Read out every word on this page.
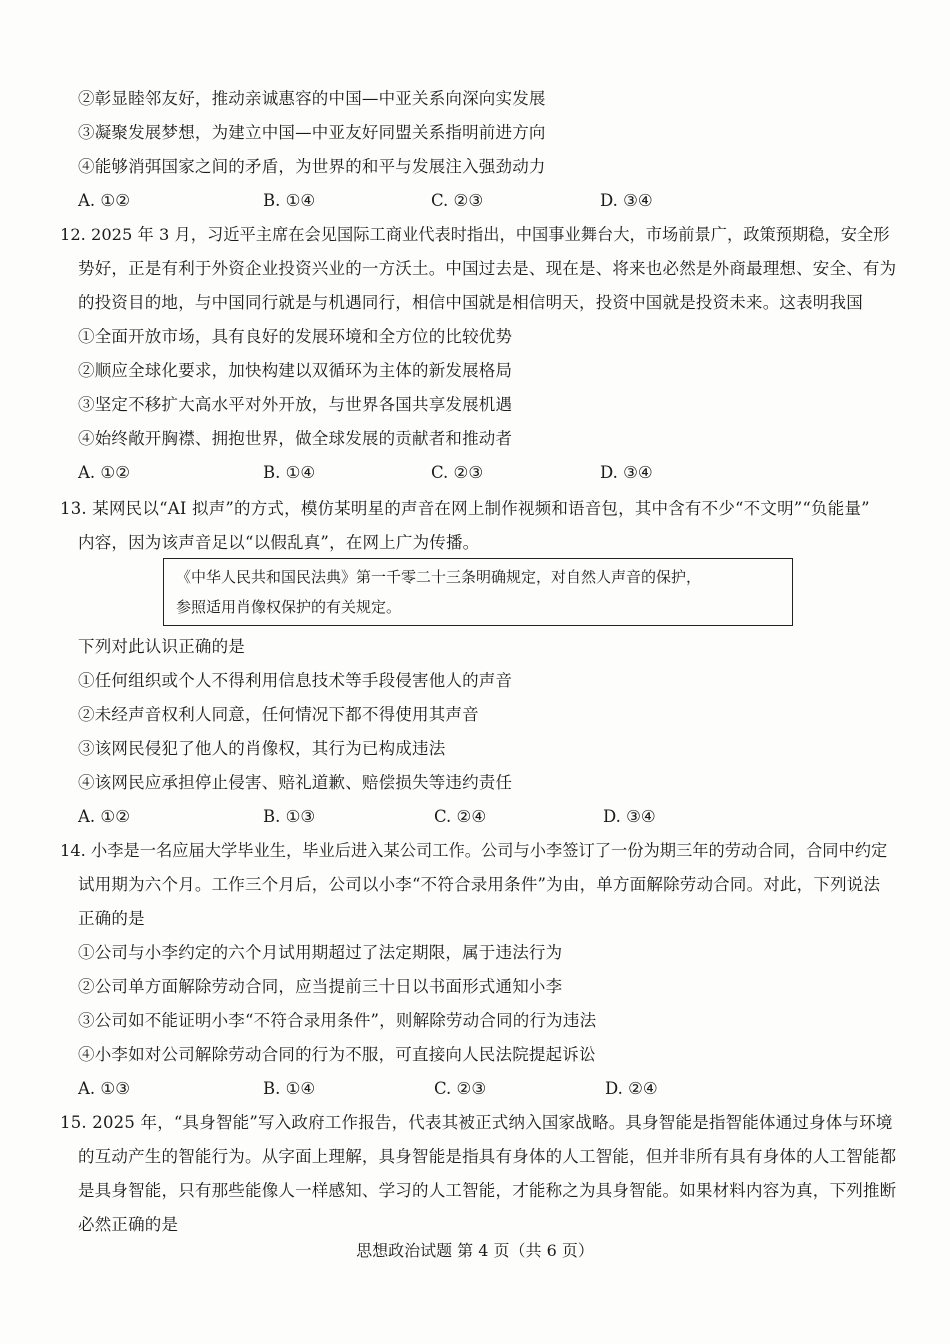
②彰显睦邻友好，推动亲诚惠容的中国—中亚关系向深向实发展
③凝聚发展梦想，为建立中国—中亚友好同盟关系指明前进方向
④能够消弭国家之间的矛盾，为世界的和平与发展注入强劲动力
A. ①②	B. ①④	C. ②③	D. ③④
12. 2025 年 3 月，习近平主席在会见国际工商业代表时指出，中国事业舞台大，市场前景广，政策预期稳，安全形
势好，正是有利于外资企业投资兴业的一方沃土。中国过去是、现在是、将来也必然是外商最理想、安全、有为
的投资目的地，与中国同行就是与机遇同行，相信中国就是相信明天，投资中国就是投资未来。这表明我国
①全面开放市场，具有良好的发展环境和全方位的比较优势
②顺应全球化要求，加快构建以双循环为主体的新发展格局
③坚定不移扩大高水平对外开放，与世界各国共享发展机遇
④始终敞开胸襟、拥抱世界，做全球发展的贡献者和推动者
A. ①②	B. ①④	C. ②③	D. ③④
13. 某网民以“AI 拟声”的方式，模仿某明星的声音在网上制作视频和语音包，其中含有不少“不文明”“负能量”
内容，因为该声音足以“以假乱真”，在网上广为传播。
《中华人民共和国民法典》第一千零二十三条明确规定，对自然人声音的保护，
参照适用肖像权保护的有关规定。
下列对此认识正确的是
①任何组织或个人不得利用信息技术等手段侵害他人的声音
②未经声音权利人同意，任何情况下都不得使用其声音
③该网民侵犯了他人的肖像权，其行为已构成违法
④该网民应承担停止侵害、赔礼道歉、赔偿损失等违约责任
A. ①②	B. ①③	C. ②④	D. ③④
14. 小李是一名应届大学毕业生，毕业后进入某公司工作。公司与小李签订了一份为期三年的劳动合同，合同中约定
试用期为六个月。工作三个月后，公司以小李“不符合录用条件”为由，单方面解除劳动合同。对此，下列说法
正确的是
①公司与小李约定的六个月试用期超过了法定期限，属于违法行为
②公司单方面解除劳动合同，应当提前三十日以书面形式通知小李
③公司如不能证明小李“不符合录用条件”，则解除劳动合同的行为违法
④小李如对公司解除劳动合同的行为不服，可直接向人民法院提起诉讼
A. ①③	B. ①④	C. ②③	D. ②④
15. 2025 年，“具身智能”写入政府工作报告，代表其被正式纳入国家战略。具身智能是指智能体通过身体与环境
的互动产生的智能行为。从字面上理解，具身智能是指具有身体的人工智能，但并非所有具有身体的人工智能都
是具身智能，只有那些能像人一样感知、学习的人工智能，才能称之为具身智能。如果材料内容为真，下列推断
必然正确的是
思想政治试题 第 4 页（共 6 页）
